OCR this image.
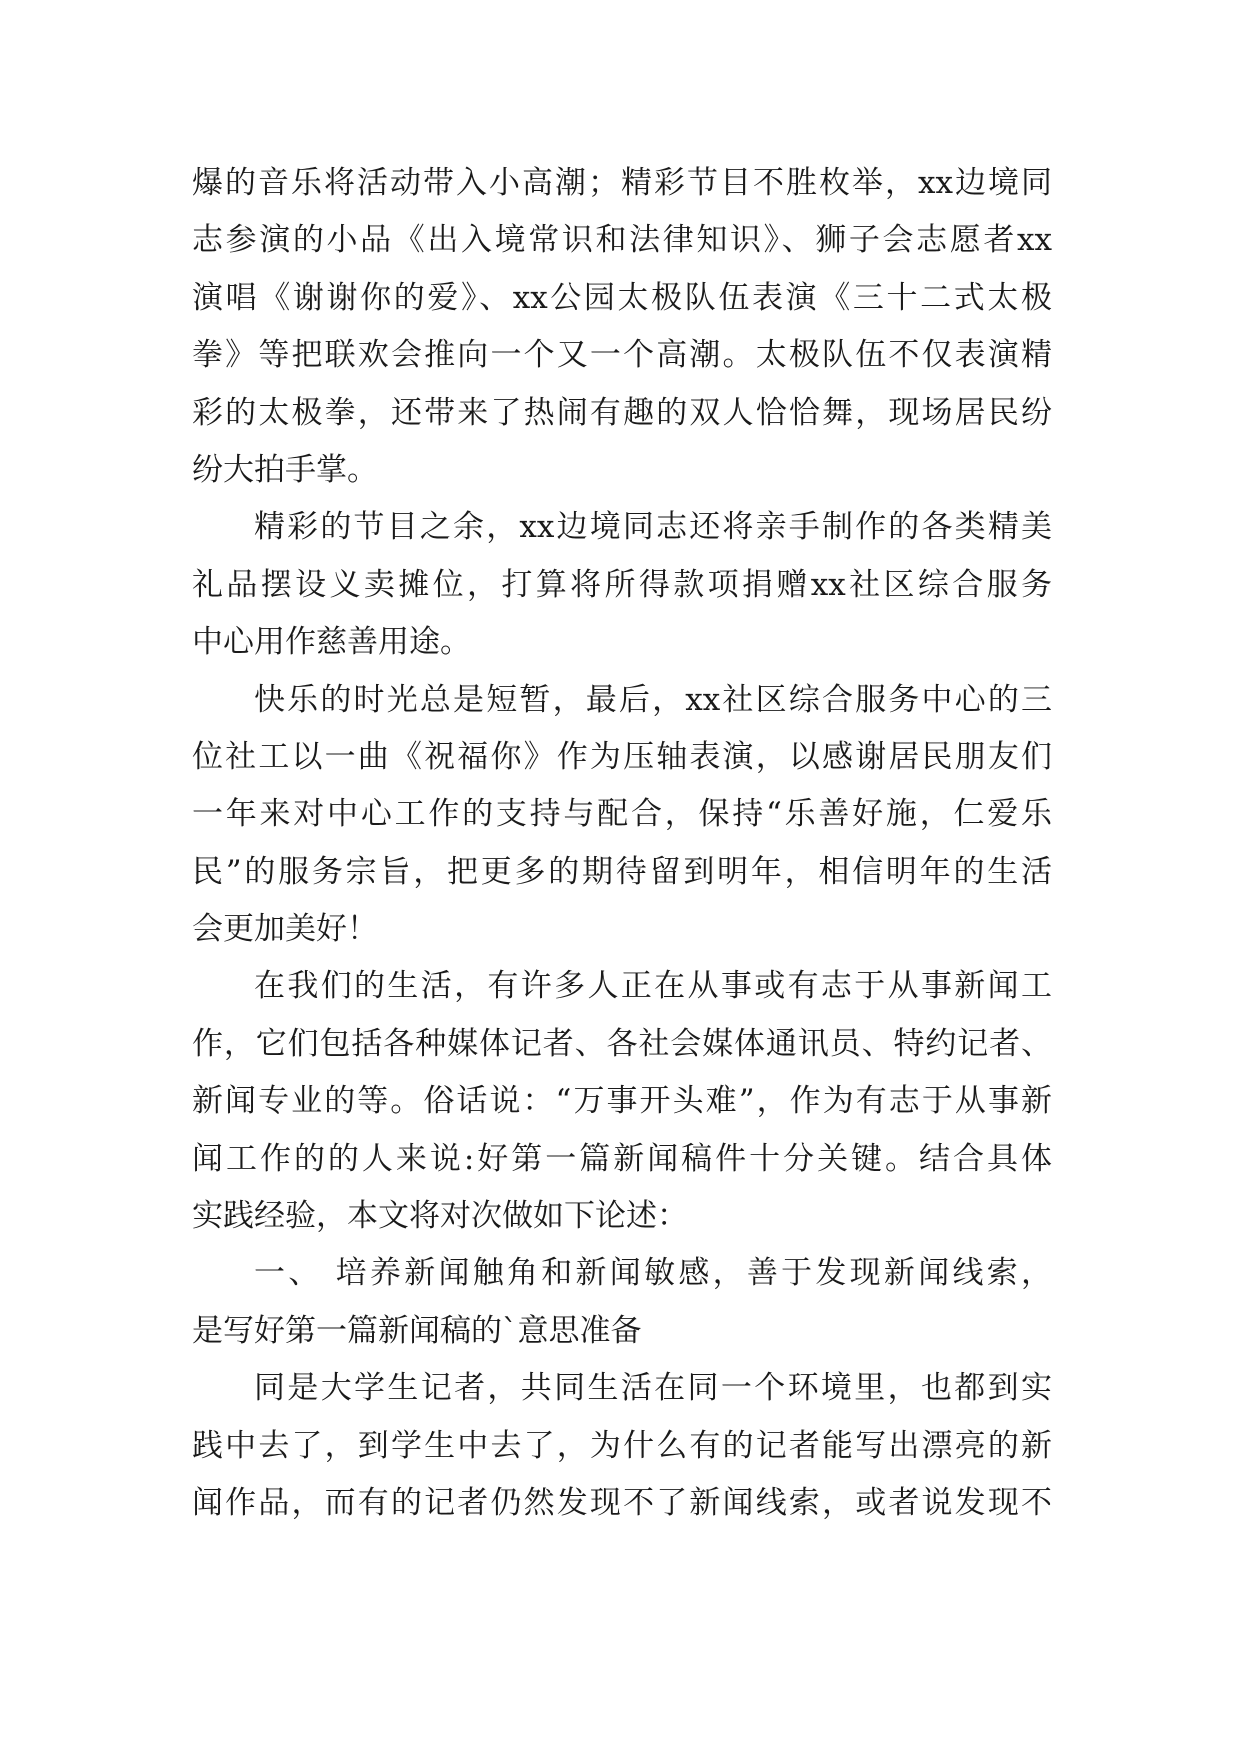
爆的音乐将活动带入小高潮；精彩节目不胜枚举，xx边境同
志参演的小品《出入境常识和法律知识》、狮子会志愿者xx
演唱《谢谢你的爱》、xx公园太极队伍表演《三十二式太极
拳》等把联欢会推向一个又一个高潮。太极队伍不仅表演精
彩的太极拳，还带来了热闹有趣的双人恰恰舞，现场居民纷
纷大拍手掌。
精彩的节目之余，xx边境同志还将亲手制作的各类精美
礼品摆设义卖摊位，打算将所得款项捐赠xx社区综合服务
中心用作慈善用途。
快乐的时光总是短暂，最后，xx社区综合服务中心的三
位社工以一曲《祝福你》作为压轴表演，以感谢居民朋友们
一年来对中心工作的支持与配合，保持“乐善好施，仁爱乐
民”的服务宗旨，把更多的期待留到明年，相信明年的生活
会更加美好！
在我们的生活，有许多人正在从事或有志于从事新闻工
作，它们包括各种媒体记者、各社会媒体通讯员、特约记者、
新闻专业的等。俗话说：“万事开头难”，作为有志于从事新
闻工作的的人来说:好第一篇新闻稿件十分关键。结合具体
实践经验，本文将对次做如下论述：
一、 培养新闻触角和新闻敏感，善于发现新闻线索，
是写好第一篇新闻稿的`意思准备
同是大学生记者，共同生活在同一个环境里，也都到实
践中去了，到学生中去了，为什么有的记者能写出漂亮的新
闻作品，而有的记者仍然发现不了新闻线索，或者说发现不
